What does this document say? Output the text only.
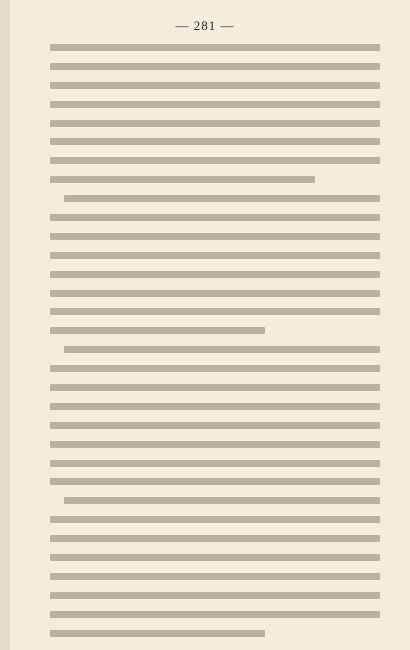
— 281 —
